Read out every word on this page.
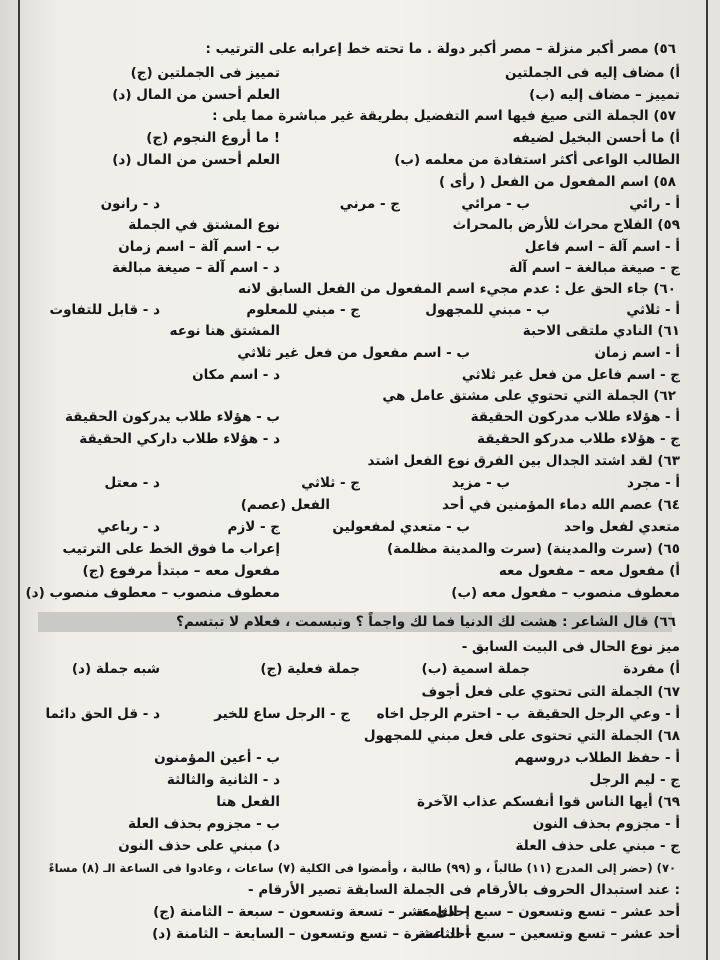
٥٦) مصر أكبر منزلة – مصر أكبر دولة . ما تحته خط إعرابه على الترتيب :
أ) مضاف إليه فى الجملتين
(ج) تمييز فى الجملتين
(ب) تمييز – مضاف إليه
(د) العلم أحسن من المال
٥٧) الجملة التى صيغ فيها اسم التفضيل بطريقة غير مباشرة مما يلى :
أ) ما أحسن البخيل لضيفه
(ج) ما أروع النجوم !
(ب) الطالب الواعى أكثر استفادة من معلمه
(د) العلم أحسن من المال
٥٨) اسم المفعول من الفعل ( رأى )
أ - رائي
ب - مرائي
ج - مرني
د - رانون
٥٩) الفلاح محراث للأرض بالمحراث
نوع المشتق في الجملة
أ - اسم آلة – اسم فاعل
ب - اسم آلة – اسم زمان
ج - صيغة مبالغة – اسم آلة
د - اسم آلة – صيغة مبالغة
٦٠) جاء الحق عل : عدم مجيء اسم المفعول من الفعل السابق لانه
أ - ثلاثي
ب - مبني للمجهول
ج - مبني للمعلوم
د - قابل للتفاوت
٦١) النادي ملتقى الاحبة
المشتق هنا نوعه
أ - اسم زمان
ب - اسم مفعول من فعل غير ثلاثي
ج - اسم فاعل من فعل غير ثلاثي
د - اسم مكان
٦٢) الجملة التي تحتوي على مشتق عامل هي
أ - هؤلاء طلاب مدركون الحقيقة
ب - هؤلاء طلاب يدركون الحقيقة
ج - هؤلاء طلاب مدركو الحقيقة
د - هؤلاء طلاب داركي الحقيقة
٦٣) لقد اشتد الجدال بين الفرق
نوع الفعل اشتد
أ - مجرد
ب - مزيد
ج - ثلاثي
د - معتل
٦٤) عصم الله دماء المؤمنين في أحد
الفعل (عصم)
متعدي لفعل واحد
ب - متعدي لمفعولين
ج - لازم
د - رباعي
٦٥) (سرت والمدينة) (سرت والمدينة مظلمة)
إعراب ما فوق الخط على الترتيب
أ) مفعول معه – مفعول معه
(ج) مفعول معه – مبتدأ مرفوع
(ب) معطوف منصوب – مفعول معه
(د) معطوف منصوب – معطوف منصوب
٦٦) قال الشاعر : هشت لك الدنيا فما لك واجماً ؟ وتبسمت ، فعلام لا تبتسم؟
- ميز نوع الحال فى البيت السابق
أ) مفردة
(ب) جملة اسمية
(ج) جملة فعلية
(د) شبه جملة
٦٧) الجملة التى تحتوي على فعل أجوف
أ - وعي الرجل الحقيقة
ب - احترم الرجل اخاه
ج - الرجل ساع للخير
د - قل الحق دائما
٦٨) الجملة التي تحتوى على فعل مبني للمجهول
أ - حفظ الطلاب دروسهم
ب - أعين المؤمنون
ج - ليم الرجل
د - الثانية والثالثة
٦٩) أيها الناس قوا أنفسكم عذاب الآخرة
الفعل هنا
أ - مجزوم بحذف النون
ب - مجزوم بحذف العلة
ج - مبني على حذف العلة
د) مبني على حذف النون
٧٠) (حضر إلى المدرج (١١) طالباً ، و (٩٩) طالبة ، وأمضوا فى الكلية (٧) ساعات ، وعادوا فى الساعة الـ (٨) مساءً
- عند استبدال الحروف بالأرقام فى الجملة السابقة تصير الأرقام :
أحد عشر – تسع وتسعون – سبع – الثامنة
(ج) إحدى عشر – تسعة وتسعون – سبعة – الثامنة
أحد عشر – تسع وتسعين – سبع – الثامنة
(د) أحد عشرة – تسع وتسعون – السابعة – الثامنة
